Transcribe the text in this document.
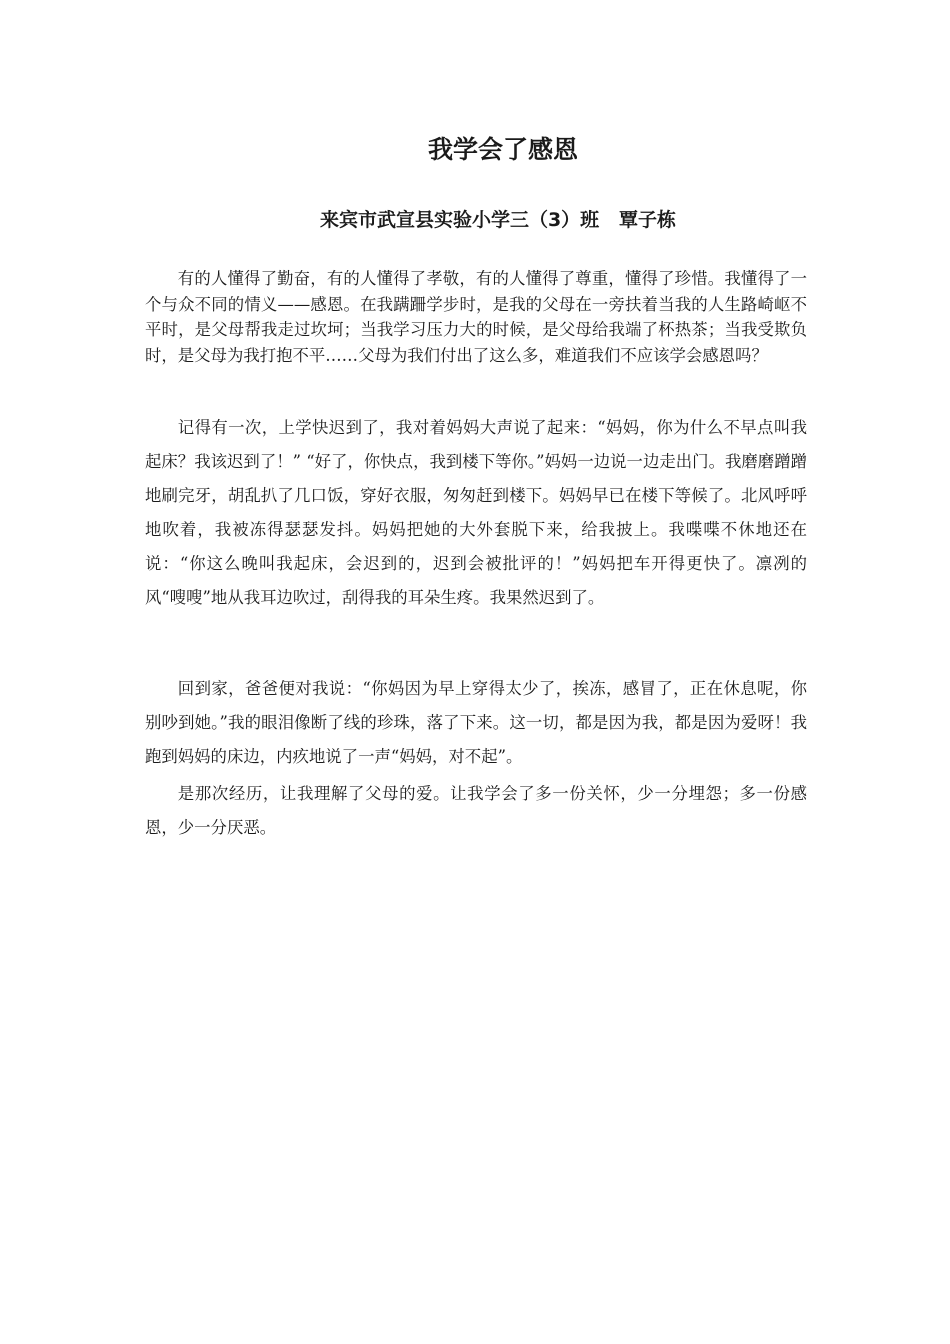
我学会了感恩
来宾市武宣县实验小学三（3）班   覃子栋

有的人懂得了勤奋，有的人懂得了孝敬，有的人懂得了尊重，懂得了珍惜。我懂得了一个与众不同的情义——感恩。在我蹒跚学步时，是我的父母在一旁扶着当我的人生路崎岖不平时，是父母帮我走过坎坷；当我学习压力大的时候，是父母给我端了杯热茶；当我受欺负时，是父母为我打抱不平……父母为我们付出了这么多，难道我们不应该学会感恩吗？

记得有一次，上学快迟到了，我对着妈妈大声说了起来：“妈妈，你为什么不早点叫我起床？我该迟到了！” “好了，你快点，我到楼下等你。”妈妈一边说一边走出门。我磨磨蹭蹭地刷完牙，胡乱扒了几口饭，穿好衣服，匆匆赶到楼下。妈妈早已在楼下等候了。北风呼呼地吹着，我被冻得瑟瑟发抖。妈妈把她的大外套脱下来，给我披上。我喋喋不休地还在说：“你这么晚叫我起床，会迟到的，迟到会被批评的！”妈妈把车开得更快了。凛冽的风“嗖嗖”地从我耳边吹过，刮得我的耳朵生疼。我果然迟到了。

回到家，爸爸便对我说：“你妈因为早上穿得太少了，挨冻，感冒了，正在休息呢，你别吵到她。”我的眼泪像断了线的珍珠，落了下来。这一切，都是因为我，都是因为爱呀！我跑到妈妈的床边，内疚地说了一声“妈妈，对不起”。

是那次经历，让我理解了父母的爱。让我学会了多一份关怀，少一分埋怨；多一份感恩，少一分厌恶。
